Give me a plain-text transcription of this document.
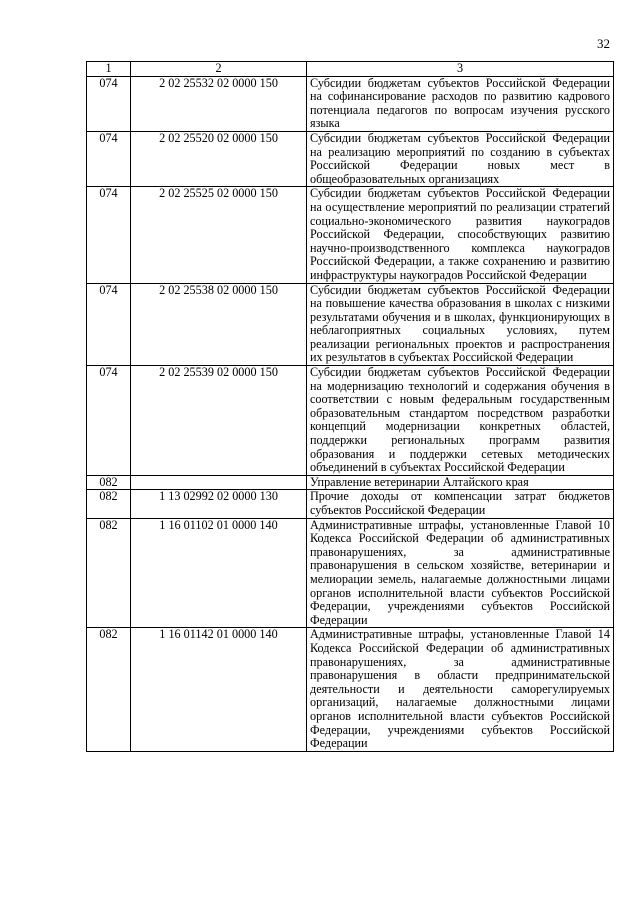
32
1	2	3
074	2 02 25532 02 0000 150	Субсидии бюджетам субъектов Российской Федерации на софинансирование расходов по развитию кадрового потенциала педагогов по вопросам изучения русского языка
074	2 02 25520 02 0000 150	Субсидии бюджетам субъектов Российской Федерации на реализацию мероприятий по созданию в субъектах Российской Федерации новых мест в общеобразовательных организациях
074	2 02 25525 02 0000 150	Субсидии бюджетам субъектов Российской Федерации на осуществление мероприятий по реализации стратегий социально-экономического развития наукоградов Российской Федерации, способствующих развитию научно-производственного комплекса наукоградов Российской Федерации, а также сохранению и развитию инфраструктуры наукоградов Российской Федерации
074	2 02 25538 02 0000 150	Субсидии бюджетам субъектов Российской Федерации на повышение качества образования в школах с низкими результатами обучения и в школах, функционирующих в неблагоприятных социальных условиях, путем реализации региональных проектов и распространения их результатов в субъектах Российской Федерации
074	2 02 25539 02 0000 150	Субсидии бюджетам субъектов Российской Федерации на модернизацию технологий и содержания обучения в соответствии с новым федеральным государственным образовательным стандартом посредством разработки концепций модернизации конкретных областей, поддержки региональных программ развития образования и поддержки сетевых методических объединений в субъектах Российской Федерации
082		Управление ветеринарии Алтайского края
082	1 13 02992 02 0000 130	Прочие доходы от компенсации затрат бюджетов субъектов Российской Федерации
082	1 16 01102 01 0000 140	Административные штрафы, установленные Главой 10 Кодекса Российской Федерации об административных правонарушениях, за административные правонарушения в сельском хозяйстве, ветеринарии и мелиорации земель, налагаемые должностными лицами органов исполнительной власти субъектов Российской Федерации, учреждениями субъектов Российской Федерации
082	1 16 01142 01 0000 140	Административные штрафы, установленные Главой 14 Кодекса Российской Федерации об административных правонарушениях, за административные правонарушения в области предпринимательской деятельности и деятельности саморегулируемых организаций, налагаемые должностными лицами органов исполнительной власти субъектов Российской Федерации, учреждениями субъектов Российской Федерации
